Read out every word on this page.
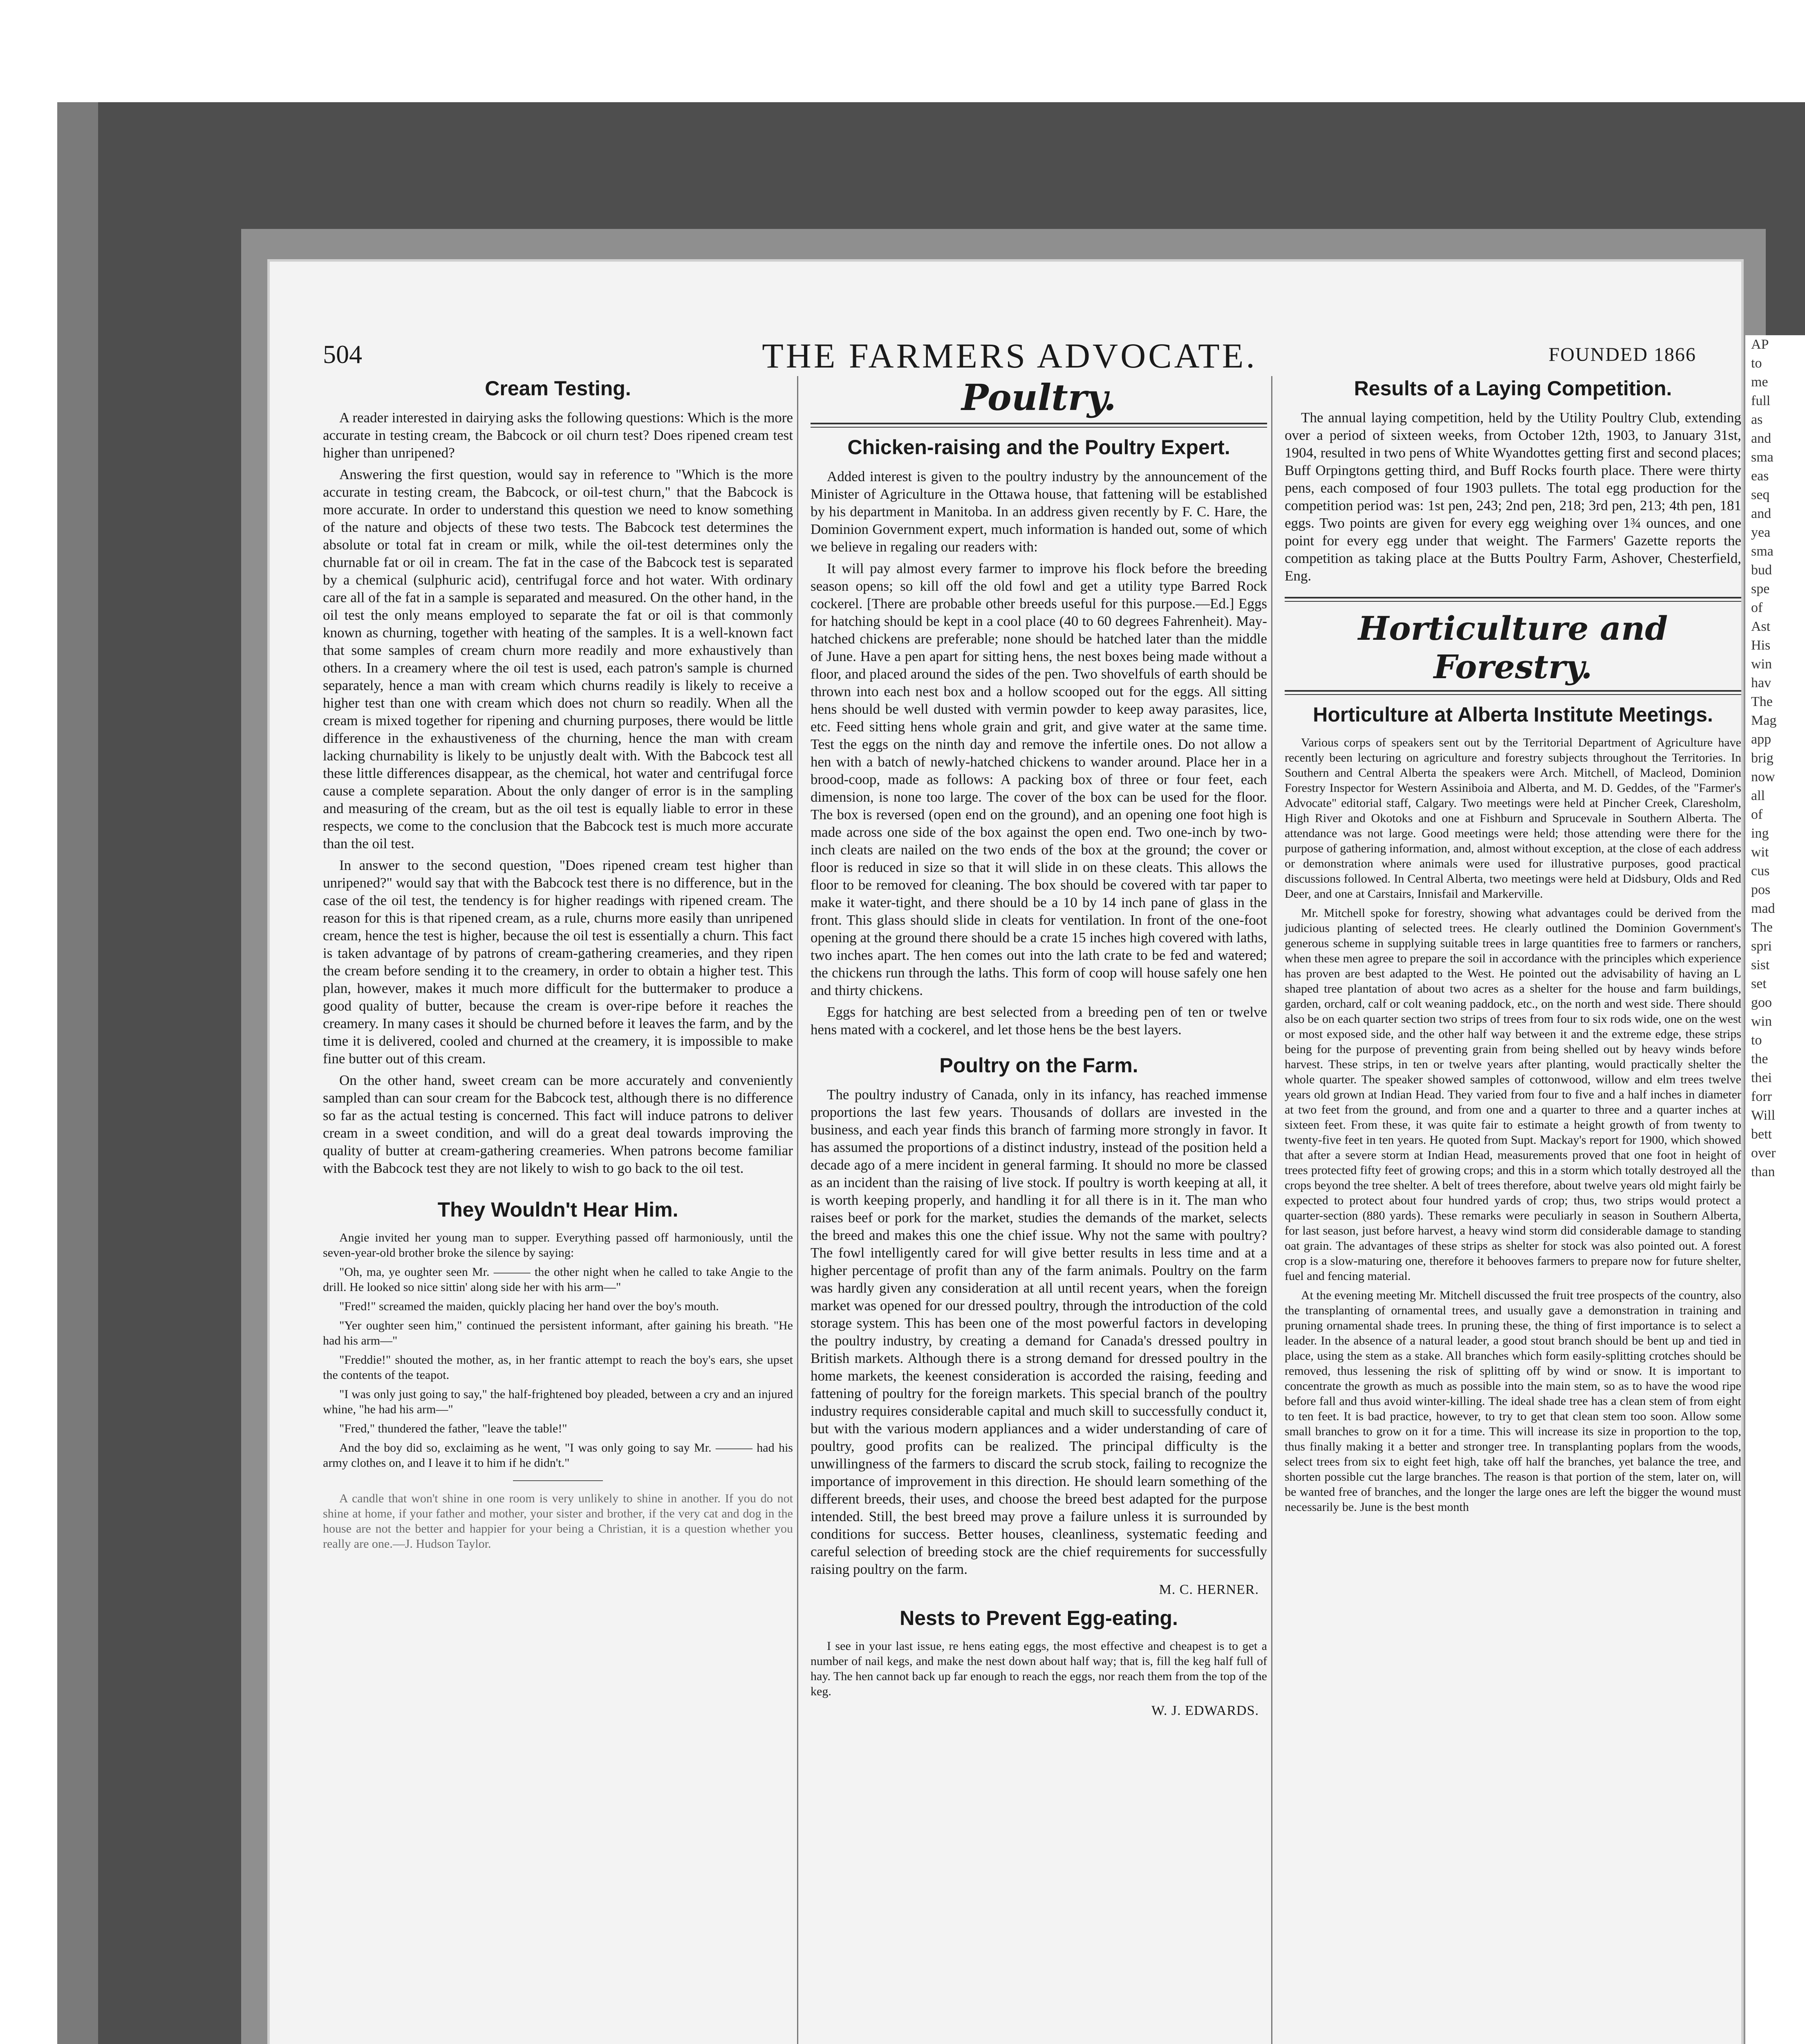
AP
to
me
full
as
and
sma
eas
seq
and
yea
sma
bud
spe
of
Ast
His
win
hav
The
Mag
app
brig
now
all
of
ing
wit
cus
pos
mad
The
spri
sist
set
goo
win
to
the
thei
forr
Will
bett
over
than
504	THE FARMERS ADVOCATE.	FOUNDED 1866
Cream Testing.

A reader interested in dairying asks the following questions: Which is the more accurate in testing cream, the Babcock or oil churn test? Does ripened cream test higher than unripened?

Answering the first question, would say in reference to "Which is the more accurate in testing cream, the Babcock, or oil-test churn," that the Babcock is more accurate. In order to understand this question we need to know something of the nature and objects of these two tests. The Babcock test determines the absolute or total fat in cream or milk, while the oil-test determines only the churnable fat or oil in cream. The fat in the case of the Babcock test is separated by a chemical (sulphuric acid), centrifugal force and hot water. With ordinary care all of the fat in a sample is separated and measured. On the other hand, in the oil test the only means employed to separate the fat or oil is that commonly known as churning, together with heating of the samples. It is a well-known fact that some samples of cream churn more readily and more exhaustively than others. In a creamery where the oil test is used, each patron's sample is churned separately, hence a man with cream which churns readily is likely to receive a higher test than one with cream which does not churn so readily. When all the cream is mixed together for ripening and churning purposes, there would be little difference in the exhaustiveness of the churning, hence the man with cream lacking churnability is likely to be unjustly dealt with. With the Babcock test all these little differences disappear, as the chemical, hot water and centrifugal force cause a complete separation. About the only danger of error is in the sampling and measuring of the cream, but as the oil test is equally liable to error in these respects, we come to the conclusion that the Babcock test is much more accurate than the oil test.

In answer to the second question, "Does ripened cream test higher than unripened?" would say that with the Babcock test there is no difference, but in the case of the oil test, the tendency is for higher readings with ripened cream. The reason for this is that ripened cream, as a rule, churns more easily than unripened cream, hence the test is higher, because the oil test is essentially a churn. This fact is taken advantage of by patrons of cream-gathering creameries, and they ripen the cream before sending it to the creamery, in order to obtain a higher test. This plan, however, makes it much more difficult for the buttermaker to produce a good quality of butter, because the cream is over-ripe before it reaches the creamery. In many cases it should be churned before it leaves the farm, and by the time it is delivered, cooled and churned at the creamery, it is impossible to make fine butter out of this cream.

On the other hand, sweet cream can be more accurately and conveniently sampled than can sour cream for the Babcock test, although there is no difference so far as the actual testing is concerned. This fact will induce patrons to deliver cream in a sweet condition, and will do a great deal towards improving the quality of butter at cream-gathering creameries. When patrons become familiar with the Babcock test they are not likely to wish to go back to the oil test.

They Wouldn't Hear Him.

Angie invited her young man to supper. Everything passed off harmoniously, until the seven-year-old brother broke the silence by saying:

"Oh, ma, ye oughter seen Mr. ——— the other night when he called to take Angie to the drill. He looked so nice sittin' along side her with his arm—"

"Fred!" screamed the maiden, quickly placing her hand over the boy's mouth.

"Yer oughter seen him," continued the persistent informant, after gaining his breath. "He had his arm—"

"Freddie!" shouted the mother, as, in her frantic attempt to reach the boy's ears, she upset the contents of the teapot.

"I was only just going to say," the half-frightened boy pleaded, between a cry and an injured whine, "he had his arm—"

"Fred," thundered the father, "leave the table!"

And the boy did so, exclaiming as he went, "I was only going to say Mr. ——— had his army clothes on, and I leave it to him if he didn't."

A candle that won't shine in one room is very unlikely to shine in another. If you do not shine at home, if your father and mother, your sister and brother, if the very cat and dog in the house are not the better and happier for your being a Christian, it is a question whether you really are one.—J. Hudson Taylor.

Poultry.
Chicken-raising and the Poultry Expert.

Added interest is given to the poultry industry by the announcement of the Minister of Agriculture in the Ottawa house, that fattening will be established by his department in Manitoba. In an address given recently by F. C. Hare, the Dominion Government expert, much information is handed out, some of which we believe in regaling our readers with:

It will pay almost every farmer to improve his flock before the breeding season opens; so kill off the old fowl and get a utility type Barred Rock cockerel. [There are probable other breeds useful for this purpose.—Ed.] Eggs for hatching should be kept in a cool place (40 to 60 degrees Fahrenheit). May-hatched chickens are preferable; none should be hatched later than the middle of June. Have a pen apart for sitting hens, the nest boxes being made without a floor, and placed around the sides of the pen. Two shovelfuls of earth should be thrown into each nest box and a hollow scooped out for the eggs. All sitting hens should be well dusted with vermin powder to keep away parasites, lice, etc. Feed sitting hens whole grain and grit, and give water at the same time. Test the eggs on the ninth day and remove the infertile ones. Do not allow a hen with a batch of newly-hatched chickens to wander around. Place her in a brood-coop, made as follows: A packing box of three or four feet, each dimension, is none too large. The cover of the box can be used for the floor. The box is reversed (open end on the ground), and an opening one foot high is made across one side of the box against the open end. Two one-inch by two-inch cleats are nailed on the two ends of the box at the ground; the cover or floor is reduced in size so that it will slide in on these cleats. This allows the floor to be removed for cleaning. The box should be covered with tar paper to make it water-tight, and there should be a 10 by 14 inch pane of glass in the front. This glass should slide in cleats for ventilation. In front of the one-foot opening at the ground there should be a crate 15 inches high covered with laths, two inches apart. The hen comes out into the lath crate to be fed and watered; the chickens run through the laths. This form of coop will house safely one hen and thirty chickens.

Eggs for hatching are best selected from a breeding pen of ten or twelve hens mated with a cockerel, and let those hens be the best layers.

Poultry on the Farm.

The poultry industry of Canada, only in its infancy, has reached immense proportions the last few years. Thousands of dollars are invested in the business, and each year finds this branch of farming more strongly in favor. It has assumed the proportions of a distinct industry, instead of the position held a decade ago of a mere incident in general farming. It should no more be classed as an incident than the raising of live stock. If poultry is worth keeping at all, it is worth keeping properly, and handling it for all there is in it. The man who raises beef or pork for the market, studies the demands of the market, selects the breed and makes this one the chief issue. Why not the same with poultry? The fowl intelligently cared for will give better results in less time and at a higher percentage of profit than any of the farm animals. Poultry on the farm was hardly given any consideration at all until recent years, when the foreign market was opened for our dressed poultry, through the introduction of the cold storage system. This has been one of the most powerful factors in developing the poultry industry, by creating a demand for Canada's dressed poultry in British markets. Although there is a strong demand for dressed poultry in the home markets, the keenest consideration is accorded the raising, feeding and fattening of poultry for the foreign markets. This special branch of the poultry industry requires considerable capital and much skill to successfully conduct it, but with the various modern appliances and a wider understanding of care of poultry, good profits can be realized. The principal difficulty is the unwillingness of the farmers to discard the scrub stock, failing to recognize the importance of improvement in this direction. He should learn something of the different breeds, their uses, and choose the breed best adapted for the purpose intended. Still, the best breed may prove a failure unless it is surrounded by conditions for success. Better houses, cleanliness, systematic feeding and careful selection of breeding stock are the chief requirements for successfully raising poultry on the farm.

M. C. HERNER.
Nests to Prevent Egg-eating.

I see in your last issue, re hens eating eggs, the most effective and cheapest is to get a number of nail kegs, and make the nest down about half way; that is, fill the keg half full of hay. The hen cannot back up far enough to reach the eggs, nor reach them from the top of the keg.

W. J. EDWARDS.
Results of a Laying Competition.

The annual laying competition, held by the Utility Poultry Club, extending over a period of sixteen weeks, from October 12th, 1903, to January 31st, 1904, resulted in two pens of White Wyandottes getting first and second places; Buff Orpingtons getting third, and Buff Rocks fourth place. There were thirty pens, each composed of four 1903 pullets. The total egg production for the competition period was: 1st pen, 243; 2nd pen, 218; 3rd pen, 213; 4th pen, 181 eggs. Two points are given for every egg weighing over 1¾ ounces, and one point for every egg under that weight. The Farmers' Gazette reports the competition as taking place at the Butts Poultry Farm, Ashover, Chesterfield, Eng.

Horticulture and Forestry.
Horticulture at Alberta Institute Meetings.

Various corps of speakers sent out by the Territorial Department of Agriculture have recently been lecturing on agriculture and forestry subjects throughout the Territories. In Southern and Central Alberta the speakers were Arch. Mitchell, of Macleod, Dominion Forestry Inspector for Western Assiniboia and Alberta, and M. D. Geddes, of the "Farmer's Advocate" editorial staff, Calgary. Two meetings were held at Pincher Creek, Claresholm, High River and Okotoks and one at Fishburn and Sprucevale in Southern Alberta. The attendance was not large. Good meetings were held; those attending were there for the purpose of gathering information, and, almost without exception, at the close of each address or demonstration where animals were used for illustrative purposes, good practical discussions followed. In Central Alberta, two meetings were held at Didsbury, Olds and Red Deer, and one at Carstairs, Innisfail and Markerville.

Mr. Mitchell spoke for forestry, showing what advantages could be derived from the judicious planting of selected trees. He clearly outlined the Dominion Government's generous scheme in supplying suitable trees in large quantities free to farmers or ranchers, when these men agree to prepare the soil in accordance with the principles which experience has proven are best adapted to the West. He pointed out the advisability of having an L shaped tree plantation of about two acres as a shelter for the house and farm buildings, garden, orchard, calf or colt weaning paddock, etc., on the north and west side. There should also be on each quarter section two strips of trees from four to six rods wide, one on the west or most exposed side, and the other half way between it and the extreme edge, these strips being for the purpose of preventing grain from being shelled out by heavy winds before harvest. These strips, in ten or twelve years after planting, would practically shelter the whole quarter. The speaker showed samples of cottonwood, willow and elm trees twelve years old grown at Indian Head. They varied from four to five and a half inches in diameter at two feet from the ground, and from one and a quarter to three and a quarter inches at sixteen feet. From these, it was quite fair to estimate a height growth of from twenty to twenty-five feet in ten years. He quoted from Supt. Mackay's report for 1900, which showed that after a severe storm at Indian Head, measurements proved that one foot in height of trees protected fifty feet of growing crops; and this in a storm which totally destroyed all the crops beyond the tree shelter. A belt of trees therefore, about twelve years old might fairly be expected to protect about four hundred yards of crop; thus, two strips would protect a quarter-section (880 yards). These remarks were peculiarly in season in Southern Alberta, for last season, just before harvest, a heavy wind storm did considerable damage to standing oat grain. The advantages of these strips as shelter for stock was also pointed out. A forest crop is a slow-maturing one, therefore it behooves farmers to prepare now for future shelter, fuel and fencing material.

At the evening meeting Mr. Mitchell discussed the fruit tree prospects of the country, also the transplanting of ornamental trees, and usually gave a demonstration in training and pruning ornamental shade trees. In pruning these, the thing of first importance is to select a leader. In the absence of a natural leader, a good stout branch should be bent up and tied in place, using the stem as a stake. All branches which form easily-splitting crotches should be removed, thus lessening the risk of splitting off by wind or snow. It is important to concentrate the growth as much as possible into the main stem, so as to have the wood ripe before fall and thus avoid winter-killing. The ideal shade tree has a clean stem of from eight to ten feet. It is bad practice, however, to try to get that clean stem too soon. Allow some small branches to grow on it for a time. This will increase its size in proportion to the top, thus finally making it a better and stronger tree. In transplanting poplars from the woods, select trees from six to eight feet high, take off half the branches, yet balance the tree, and shorten possible cut the large branches. The reason is that portion of the stem, later on, will be wanted free of branches, and the longer the large ones are left the bigger the wound must necessarily be. June is the best month
